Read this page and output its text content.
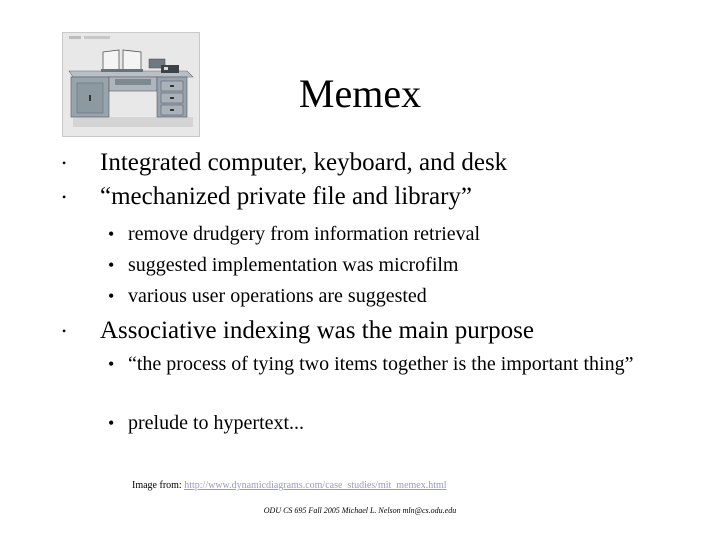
Memex
• Integrated computer, keyboard, and desk
• “mechanized private file and library”
• remove drudgery from information retrieval
• suggested implementation was microfilm
• various user operations are suggested
• Associative indexing was the main purpose
• “the process of tying two items together is the important thing”
• prelude to hypertext...
Image from: http://www.dynamicdiagrams.com/case_studies/mit_memex.html
ODU CS 695 Fall 2005 Michael L. Nelson mln@cs.odu.edu
